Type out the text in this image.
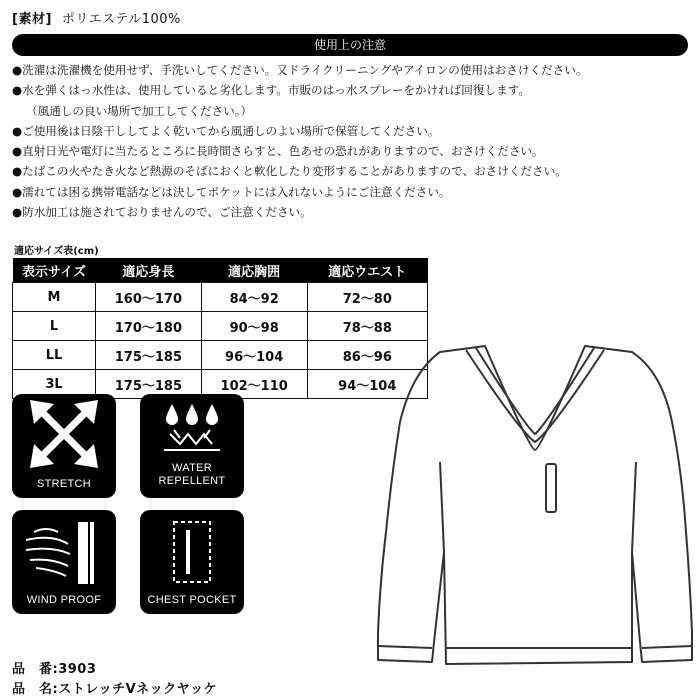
[素材] ポリエステル100%
使用上の注意
●洗濯は洗濯機を使用せず、手洗いしてください。又ドライクリーニングやアイロンの使用はおさけください。
●水を弾くはっ水性は、使用していると劣化します。市販のはっ水スプレーをかければ回復します。
（風通しの良い場所で加工してください。）
●ご使用後は日陰干ししてよく乾いてから風通しのよい場所で保管してください。
●直射日光や電灯に当たるところに長時間さらすと、色あせの恐れがありますので、おさけください。
●たばこの火やたき火など熱源のそばにおくと軟化したり変形することがありますので、おさけください。
●濡れては困る携帯電話などは決してポケットには入れないようにご注意ください。
●防水加工は施されておりませんので、ご注意ください。
適応サイズ表(cm)
表示サイズ	適応身長	適応胸囲	適応ウエスト
M	160〜170	84〜92	72〜80
L	170〜180	90〜98	78〜88
LL	175〜185	96〜104	86〜96
3L	175〜185	102〜110	94〜104
STRETCH
WATER
REPELLENT
WIND PROOF	CHEST POCKET
品　番:3903
品　名:ストレッチVネックヤッケ
